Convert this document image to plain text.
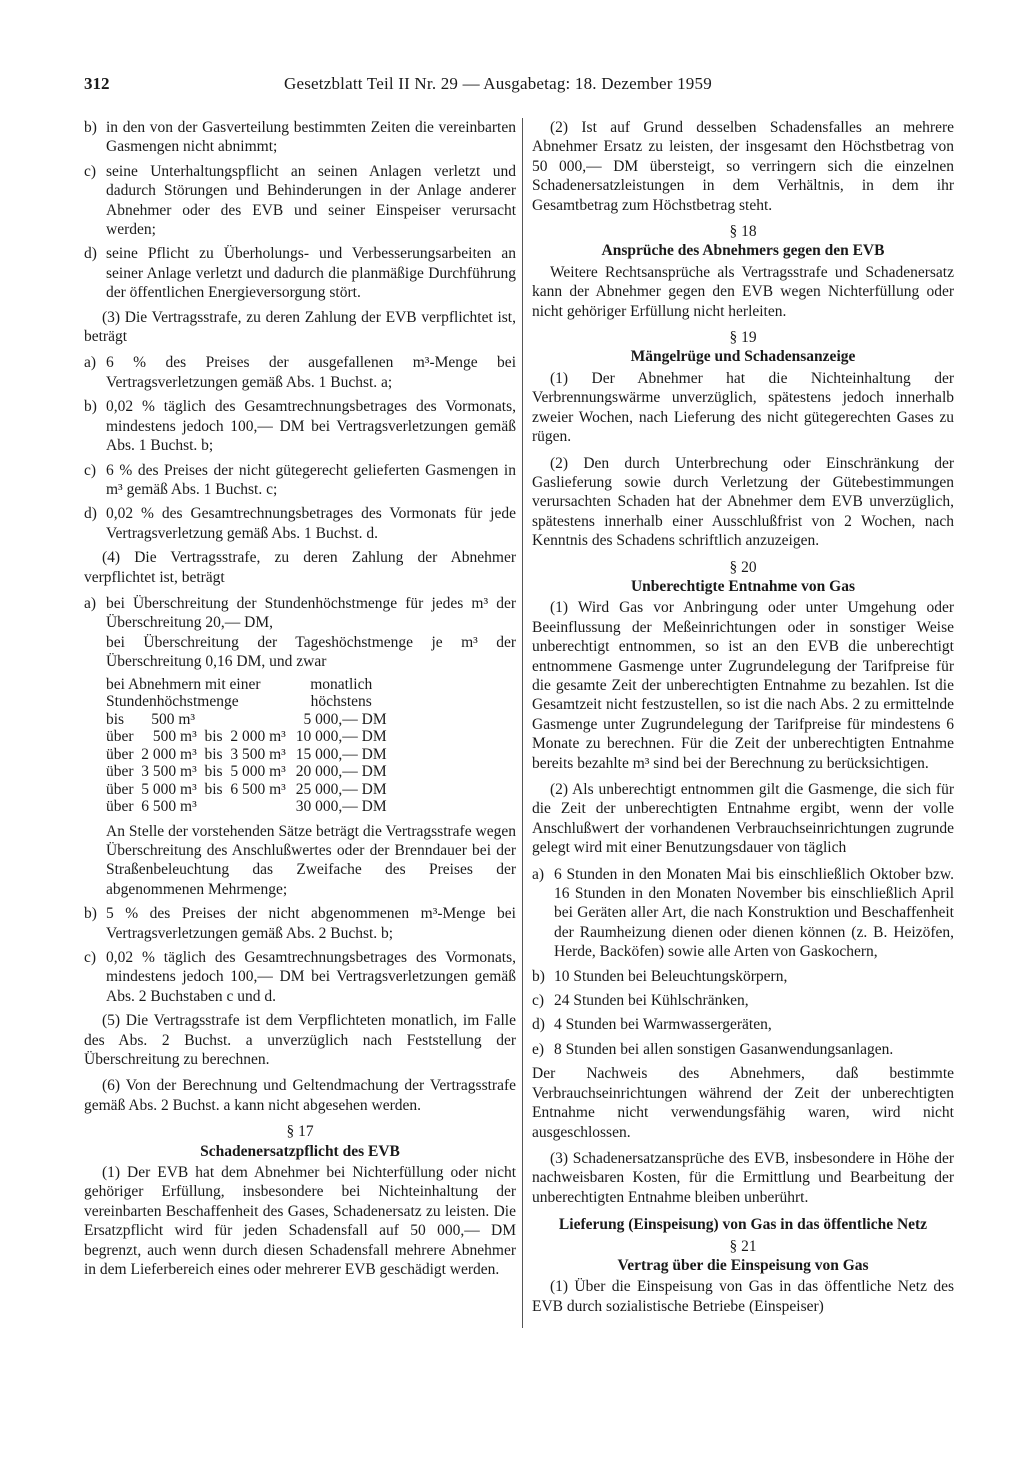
312	Gesetzblatt Teil II Nr. 29 — Ausgabetag: 18. Dezember 1959
b) in den von der Gasverteilung bestimmten Zeiten die vereinbarten Gasmengen nicht abnimmt;
c) seine Unterhaltungspflicht an seinen Anlagen verletzt und dadurch Störungen und Behinderungen in der Anlage anderer Abnehmer oder des EVB und seiner Einspeiser verursacht werden;
d) seine Pflicht zu Überholungs- und Verbesserungsarbeiten an seiner Anlage verletzt und dadurch die planmäßige Durchführung der öffentlichen Energieversorgung stört.

(3) Die Vertragsstrafe, zu deren Zahlung der EVB verpflichtet ist, beträgt

a) 6 % des Preises der ausgefallenen m³-Menge bei Vertragsverletzungen gemäß Abs. 1 Buchst. a;
b) 0,02 % täglich des Gesamtrechnungsbetrages des Vormonats, mindestens jedoch 100,— DM bei Vertragsverletzungen gemäß Abs. 1 Buchst. b;
c) 6 % des Preises der nicht gütegerecht gelieferten Gasmengen in m³ gemäß Abs. 1 Buchst. c;
d) 0,02 % des Gesamtrechnungsbetrages des Vormonats für jede Vertragsverletzung gemäß Abs. 1 Buchst. d.

(4) Die Vertragsstrafe, zu deren Zahlung der Abnehmer verpflichtet ist, beträgt

a) bei Überschreitung der Stundenhöchstmenge für jedes m³ der Überschreitung 20,— DM,
bei Überschreitung der Tageshöchstmenge je m³ der Überschreitung 0,16 DM, und zwar
bei Abnehmern mit einer
Stundenhöchstmenge	monatlich
höchstens
bis       500 m³	5 000,— DM
über     500 m³  bis  2 000 m³	10 000,— DM
über  2 000 m³  bis  3 500 m³	15 000,— DM
über  3 500 m³  bis  5 000 m³	20 000,— DM
über  5 000 m³  bis  6 500 m³	25 000,— DM
über  6 500 m³	30 000,— DM
An Stelle der vorstehenden Sätze beträgt die Vertragsstrafe wegen Überschreitung des Anschlußwertes oder der Brenndauer bei der Straßenbeleuchtung das Zweifache des Preises der abgenommenen Mehrmenge;
b) 5 % des Preises der nicht abgenommenen m³-Menge bei Vertragsverletzungen gemäß Abs. 2 Buchst. b;
c) 0,02 % täglich des Gesamtrechnungsbetrages des Vormonats, mindestens jedoch 100,— DM bei Vertragsverletzungen gemäß Abs. 2 Buchstaben c und d.

(5) Die Vertragsstrafe ist dem Verpflichteten monatlich, im Falle des Abs. 2 Buchst. a unverzüglich nach Feststellung der Überschreitung zu berechnen.

(6) Von der Berechnung und Geltendmachung der Vertragsstrafe gemäß Abs. 2 Buchst. a kann nicht abgesehen werden.

§ 17
Schadenersatzpflicht des EVB

(1) Der EVB hat dem Abnehmer bei Nichterfüllung oder nicht gehöriger Erfüllung, insbesondere bei Nichteinhaltung der vereinbarten Beschaffenheit des Gases, Schadenersatz zu leisten. Die Ersatzpflicht wird für jeden Schadensfall auf 50 000,— DM begrenzt, auch wenn durch diesen Schadensfall mehrere Abnehmer in dem Lieferbereich eines oder mehrerer EVB geschädigt werden.

(2) Ist auf Grund desselben Schadensfalles an mehrere Abnehmer Ersatz zu leisten, der insgesamt den Höchstbetrag von 50 000,— DM übersteigt, so verringern sich die einzelnen Schadenersatzleistungen in dem Verhältnis, in dem ihr Gesamtbetrag zum Höchstbetrag steht.

§ 18
Ansprüche des Abnehmers gegen den EVB

Weitere Rechtsansprüche als Vertragsstrafe und Schadenersatz kann der Abnehmer gegen den EVB wegen Nichterfüllung oder nicht gehöriger Erfüllung nicht herleiten.

§ 19
Mängelrüge und Schadensanzeige

(1) Der Abnehmer hat die Nichteinhaltung der Verbrennungswärme unverzüglich, spätestens jedoch innerhalb zweier Wochen, nach Lieferung des nicht gütegerechten Gases zu rügen.

(2) Den durch Unterbrechung oder Einschränkung der Gaslieferung sowie durch Verletzung der Gütebestimmungen verursachten Schaden hat der Abnehmer dem EVB unverzüglich, spätestens innerhalb einer Ausschlußfrist von 2 Wochen, nach Kenntnis des Schadens schriftlich anzuzeigen.

§ 20
Unberechtigte Entnahme von Gas

(1) Wird Gas vor Anbringung oder unter Umgehung oder Beeinflussung der Meßeinrichtungen oder in sonstiger Weise unberechtigt entnommen, so ist an den EVB die unberechtigt entnommene Gasmenge unter Zugrundelegung der Tarifpreise für die gesamte Zeit der unberechtigten Entnahme zu bezahlen. Ist die Gesamtzeit nicht festzustellen, so ist die nach Abs. 2 zu ermittelnde Gasmenge unter Zugrundelegung der Tarifpreise für mindestens 6 Monate zu berechnen. Für die Zeit der unberechtigten Entnahme bereits bezahlte m³ sind bei der Berechnung zu berücksichtigen.

(2) Als unberechtigt entnommen gilt die Gasmenge, die sich für die Zeit der unberechtigten Entnahme ergibt, wenn der volle Anschlußwert der vorhandenen Verbrauchseinrichtungen zugrunde gelegt wird mit einer Benutzungsdauer von täglich

a) 6 Stunden in den Monaten Mai bis einschließlich Oktober bzw. 16 Stunden in den Monaten November bis einschließlich April bei Geräten aller Art, die nach Konstruktion und Beschaffenheit der Raumheizung dienen oder dienen können (z. B. Heizöfen, Herde, Backöfen) sowie alle Arten von Gaskochern,
b) 10 Stunden bei Beleuchtungskörpern,
c) 24 Stunden bei Kühlschränken,
d) 4 Stunden bei Warmwassergeräten,
e) 8 Stunden bei allen sonstigen Gasanwendungsanlagen.

Der Nachweis des Abnehmers, daß bestimmte Verbrauchseinrichtungen während der Zeit der unberechtigten Entnahme nicht verwendungsfähig waren, wird nicht ausgeschlossen.

(3) Schadenersatzansprüche des EVB, insbesondere in Höhe der nachweisbaren Kosten, für die Ermittlung und Bearbeitung der unberechtigten Entnahme bleiben unberührt.

Lieferung (Einspeisung) von Gas in das öffentliche Netz
§ 21
Vertrag über die Einspeisung von Gas

(1) Über die Einspeisung von Gas in das öffentliche Netz des EVB durch sozialistische Betriebe (Einspeiser)
